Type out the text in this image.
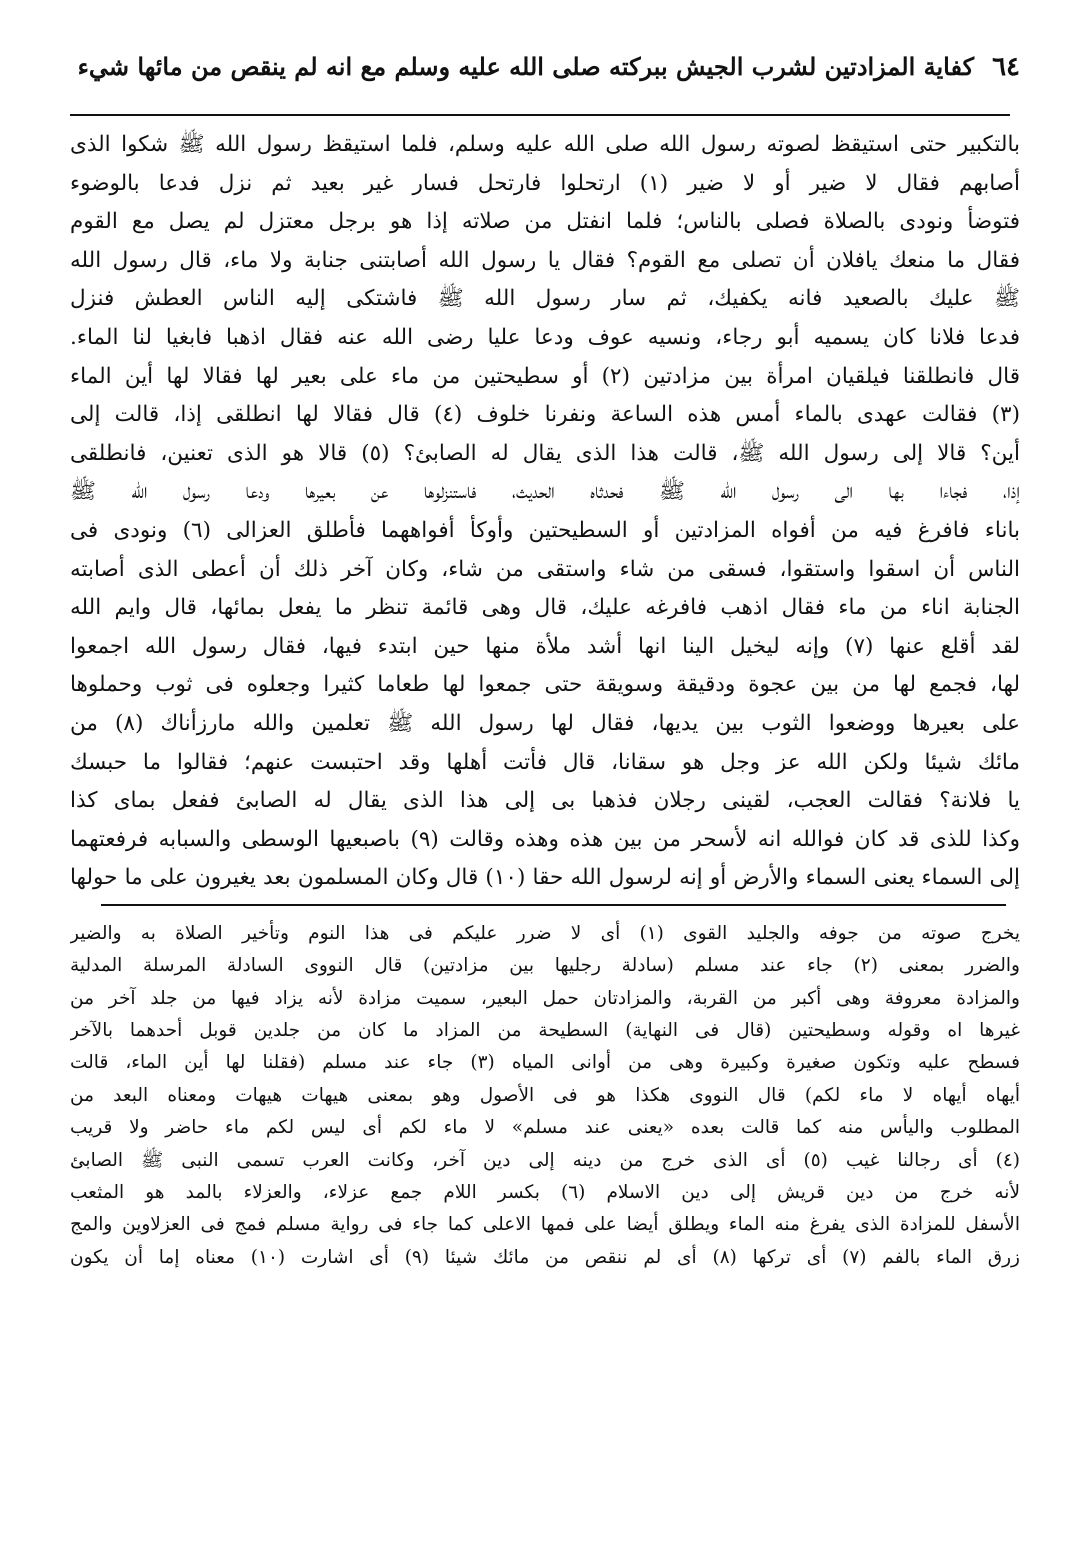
٦٤
كفاية المزادتين لشرب الجيش ببركته صلى الله عليه وسلم مع انه لم ينقص من مائها شيء
بالتكبير حتى استيقظ لصوته رسول الله صلى الله عليه وسلم، فلما استيقظ رسول الله ﷺ شكوا الذى
أصابهم فقال لا ضير أو لا ضير (١) ارتحلوا فارتحل فسار غير بعيد ثم نزل فدعا بالوضوء
فتوضأ ونودى بالصلاة فصلى بالناس؛ فلما انفتل من صلاته إذا هو برجل معتزل لم يصل مع القوم
فقال ما منعك يافلان أن تصلى مع القوم؟ فقال يا رسول الله أصابتنى جنابة ولا ماء، قال رسول الله
ﷺ عليك بالصعيد فانه يكفيك، ثم سار رسول الله ﷺ فاشتكى إليه الناس العطش فنزل
فدعا فلانا كان يسميه أبو رجاء، ونسيه عوف ودعا عليا رضى الله عنه فقال اذهبا فابغيا لنا الماء.
قال فانطلقنا فيلقيان امرأة بين مزادتين (٢) أو سطيحتين من ماء على بعير لها فقالا لها أين الماء
(٣) فقالت عهدى بالماء أمس هذه الساعة ونفرنا خلوف (٤) قال فقالا لها انطلقى إذا، قالت إلى
أين؟ قالا إلى رسول الله ﷺ، قالت هذا الذى يقال له الصابئ؟ (٥) قالا هو الذى تعنين، فانطلقى
إذا، فجاءا بها الى رسول الله ﷺ فحدثاه الحديث، فاستنزلوها عن بعيرها ودعا رسول الله ﷺ
باناء فافرغ فيه من أفواه المزادتين أو السطيحتين وأوكأ أفواههما فأطلق العزالى (٦) ونودى فى
الناس أن اسقوا واستقوا، فسقى من شاء واستقى من شاء، وكان آخر ذلك أن أعطى الذى أصابته
الجنابة اناء من ماء فقال اذهب فافرغه عليك، قال وهى قائمة تنظر ما يفعل بمائها، قال وايم الله
لقد أقلع عنها (٧) وإنه ليخيل الينا انها أشد ملأة منها حين ابتدء فيها، فقال رسول الله اجمعوا
لها، فجمع لها من بين عجوة ودقيقة وسويقة حتى جمعوا لها طعاما كثيرا وجعلوه فى ثوب وحملوها
على بعيرها ووضعوا الثوب بين يديها، فقال لها رسول الله ﷺ تعلمين والله مارزأناك (٨) من
مائك شيئا ولكن الله عز وجل هو سقانا، قال فأتت أهلها وقد احتبست عنهم؛ فقالوا ما حبسك
يا فلانة؟ فقالت العجب، لقينى رجلان فذهبا بى إلى هذا الذى يقال له الصابئ ففعل بماى كذا
وكذا للذى قد كان فوالله انه لأسحر من بين هذه وهذه وقالت (٩) باصبعيها الوسطى والسبابه فرفعتهما
إلى السماء يعنى السماء والأرض أو إنه لرسول الله حقا (١٠) قال وكان المسلمون بعد يغيرون على ما حولها
يخرج صوته من جوفه والجليد القوى (١) أى لا ضرر عليكم فى هذا النوم وتأخير الصلاة به والضير
والضرر بمعنى (٢) جاء عند مسلم (سادلة رجليها بين مزادتين) قال النووى السادلة المرسلة المدلية
والمزادة معروفة وهى أكبر من القربة، والمزادتان حمل البعير، سميت مزادة لأنه يزاد فيها من جلد آخر من
غيرها اه وقوله وسطيحتين (قال فى النهاية) السطيحة من المزاد ما كان من جلدين قوبل أحدهما بالآخر
فسطح عليه وتكون صغيرة وكبيرة وهى من أوانى المياه (٣) جاء عند مسلم (فقلنا لها أين الماء، قالت
أيهاه أيهاه لا ماء لكم) قال النووى هكذا هو فى الأصول وهو بمعنى هيهات هيهات ومعناه البعد من
المطلوب واليأس منه كما قالت بعده «يعنى عند مسلم» لا ماء لكم أى ليس لكم ماء حاضر ولا قريب
(٤) أى رجالنا غيب (٥) أى الذى خرج من دينه إلى دين آخر، وكانت العرب تسمى النبى ﷺ الصابئ
لأنه خرج من دين قريش إلى دين الاسلام (٦) بكسر اللام جمع عزلاء، والعزلاء بالمد هو المثعب
الأسفل للمزادة الذى يفرغ منه الماء ويطلق أيضا على فمها الاعلى كما جاء فى رواية مسلم فمج فى العزلاوين والمج
زرق الماء بالفم (٧) أى تركها (٨) أى لم ننقص من مائك شيئا (٩) أى اشارت (١٠) معناه إما أن يكون
